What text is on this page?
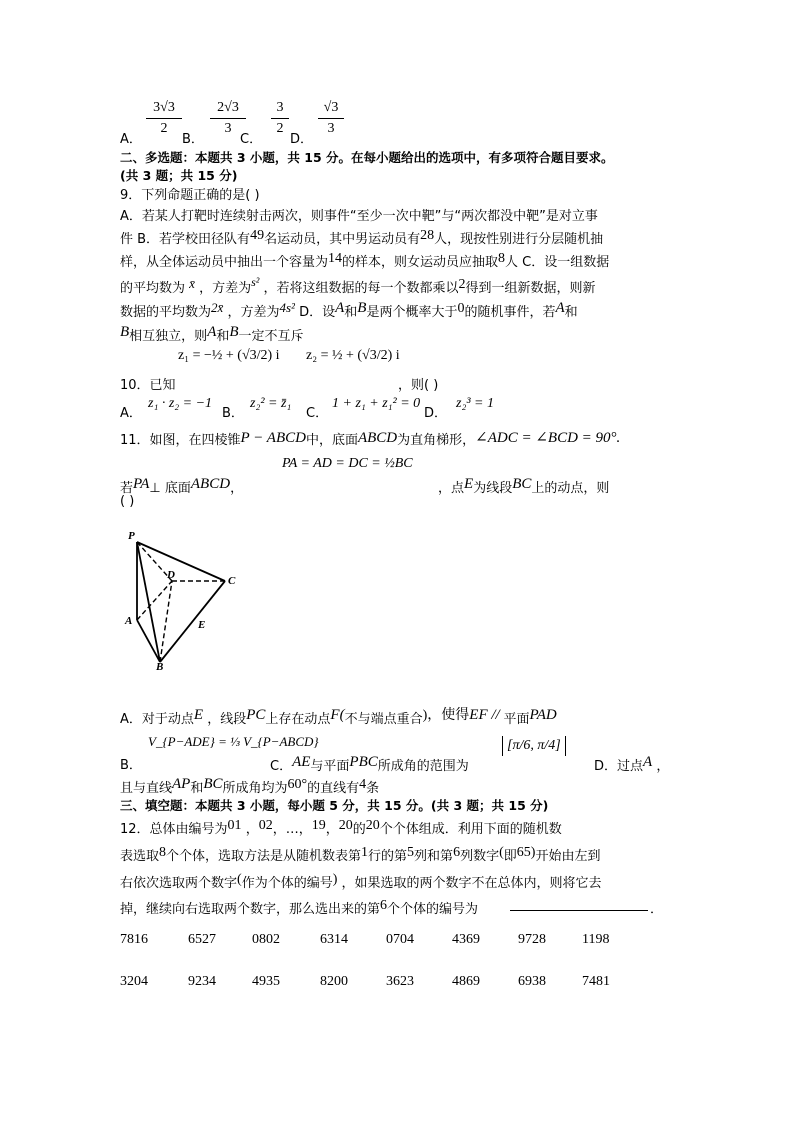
3√3
2
2√3
3
3
2
√3
3
A．	B．	C． D．
二、多选题：本题共 3 小题，共 15 分。在每小题给出的选项中，有多项符合题目要求。
(共 3 题；共 15 分)
9．下列命题正确的是( )
A．若某人打靶时连续射击两次，则事件“至少一次中靶”与“两次都没中靶”是对立事
件 B．若学校田径队有49名运动员，其中男运动员有28人，现按性别进行分层随机抽
样，从全体运动员中抽出一个容量为14的样本，则女运动员应抽取8人 C．设一组数据
的平均数为 x̄ ，方差为s² ，若将这组数据的每一个数都乘以2得到一组新数据，则新
数据的平均数为2x̄ ，方差为4s² D．设A和B是两个概率大于0的随机事件，若A和
B相互独立，则A和B一定不互斥
z₁ = −½ + (√3/2) i z₂ = ½ + (√3/2) i
10．已知	，则( )
A．
z₁ · z₂ = −1
B．
z₂² = z̄₁
C．
1 + z₁ + z₁² = 0
D．
z₂³ = 1
11．如图，在四棱锥P − ABCD中，底面ABCD为直角梯形，∠ADC = ∠BCD = 90°.
PA = AD = DC = ½BC
若PA⊥ 底面ABCD，	，点E为线段BC上的动点，则
( )
P
D	C
A	E
B
A．对于动点E ，线段PC上存在动点F(不与端点重合)，使得EF // 平面PAD
B．
V_{P−ADE} = ⅓ V_{P−ABCD}
C．AE与平面PBC所成角的范围为
[π/6, π/4]
D．过点A ，
且与直线AP和BC所成角均为60°的直线有4条
三、填空题：本题共 3 小题，每小题 5 分，共 15 分。(共 3 题；共 15 分)
12．总体由编号为01 ，02，…，19，20的20个个体组成．利用下面的随机数
表选取8个个体，选取方法是从随机数表第1行的第5列和第6列数字(即65)开始由左到
右依次选取两个数字(作为个体的编号) ，如果选取的两个数字不在总体内，则将它去
掉，继续向右选取两个数字，那么选出来的第6个个体的编号为	．
7816	6527	0802	6314	0704	4369	9728	1198
3204	9234	4935	8200	3623	4869	6938	7481
